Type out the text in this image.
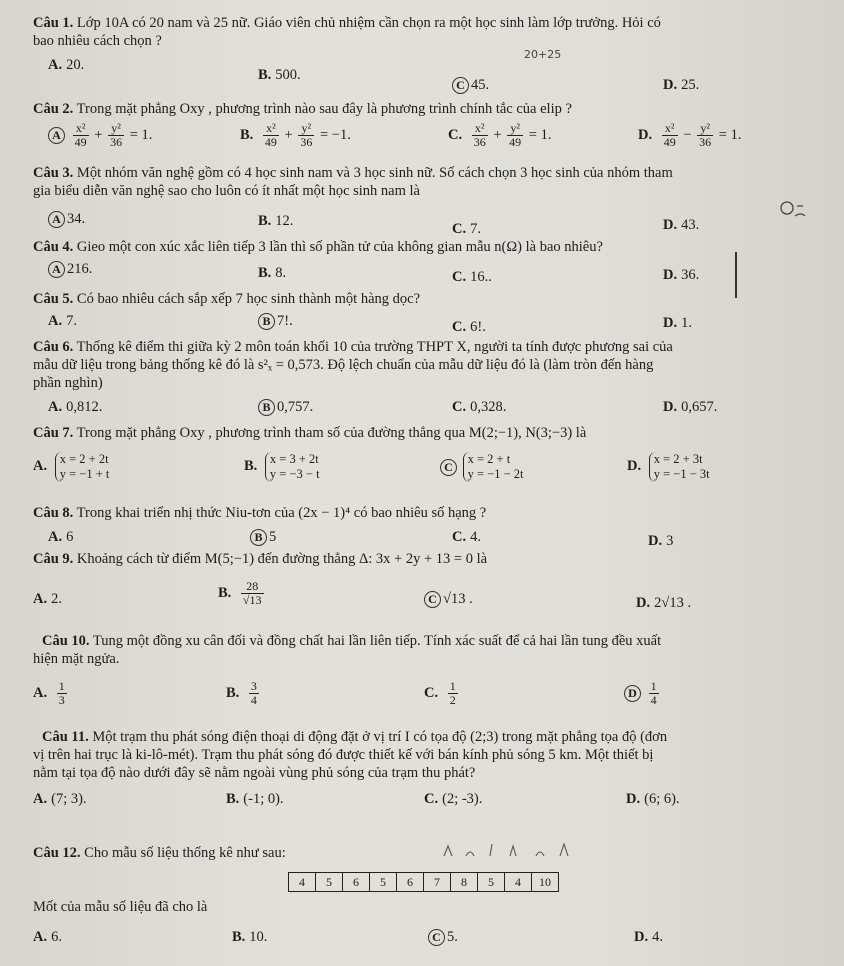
Câu 1. Lớp 10A có 20 nam và 25 nữ. Giáo viên chủ nhiệm cần chọn ra một học sinh làm lớp trưởng. Hỏi có
bao nhiêu cách chọn ?
20+25
A. 20.
B. 500.
C 45.	D. 25.
Câu 2. Trong mặt phẳng Oxy , phương trình nào sau đây là phương trình chính tắc của elip ?
A $\frac{\text{x²}}{49} + \frac{\text{y²}}{36} = 1$.	B. $\frac{\text{x²}}{49} + \frac{\text{y²}}{36} = -1$.	C. $\frac{\text{x²}}{36} + \frac{\text{y²}}{49} = 1$.	D. $\frac{\text{x²}}{49} - \frac{\text{y²}}{36} = 1$.
Câu 3. Một nhóm văn nghệ gồm có 4 học sinh nam và 3 học sinh nữ. Số cách chọn 3 học sinh của nhóm tham
gia biểu diễn văn nghệ sao cho luôn có ít nhất một học sinh nam là
A 34.	B. 12.	C. 7.	D. 43.
Câu 4. Gieo một con xúc xắc liên tiếp 3 lần thì số phần tử của không gian mẫu n(Ω) là bao nhiêu?
A 216.	B. 8.	C. 16..	D. 36.
Câu 5. Có bao nhiêu cách sắp xếp 7 học sinh thành một hàng dọc?
A. 7.	B 7!.	C. 6!.	D. 1.
Câu 6. Thống kê điểm thi giữa kỳ 2 môn toán khối 10 của trường THPT X, người ta tính được phương sai của
mẫu dữ liệu trong bảng thống kê đó là s²ₓ = 0,573. Độ lệch chuẩn của mẫu dữ liệu đó là (làm tròn đến hàng
phần nghìn)
A. 0,812.	B 0,757.	C. 0,328.	D. 0,657.
Câu 7. Trong mặt phẳng Oxy , phương trình tham số của đường thẳng qua M(2;−1), N(3;−3) là
A. x = 2 + 2t
y = −1 + t	B. x = 3 + 2t
y = −3 − t
C
x = 2 + t
y = −1 − 2t	D. x = 2 + 3t
y = −1 − 3t
Câu 8. Trong khai triển nhị thức Niu-tơn của (2x − 1)⁴ có bao nhiêu số hạng ?
A. 6	B 5	C. 4.	D. 3
Câu 9. Khoảng cách từ điểm M(5;−1) đến đường thẳng Δ: 3x + 2y + 13 = 0 là
A. 2.	B. $\frac{28}{√13}$	C √13 .	D. 2√13 .
Câu 10. Tung một đồng xu cân đối và đồng chất hai lần liên tiếp. Tính xác suất để cả hai lần tung đều xuất
hiện mặt ngửa.
A. $\frac{1}{3}$	B. $\frac{3}{4}$	C. $\frac{1}{2}$	D $\frac{1}{4}$
Câu 11. Một trạm thu phát sóng điện thoại di động đặt ở vị trí I có tọa độ (2;3) trong mặt phẳng tọa độ (đơn
vị trên hai trục là ki-lô-mét). Trạm thu phát sóng đó được thiết kế với bán kính phủ sóng 5 km. Một thiết bị
nằm tại tọa độ nào dưới đây sẽ nằm ngoài vùng phủ sóng của trạm thu phát?
A. (7; 3).	B. (-1; 0).	C. (2; -3).	D. (6; 6).
Câu 12. Cho mẫu số liệu thống kê như sau:
4	5	6	5	6	7	8	5	4	10
Mốt của mẫu số liệu đã cho là
A. 6.	B. 10.	C 5.	D. 4.
